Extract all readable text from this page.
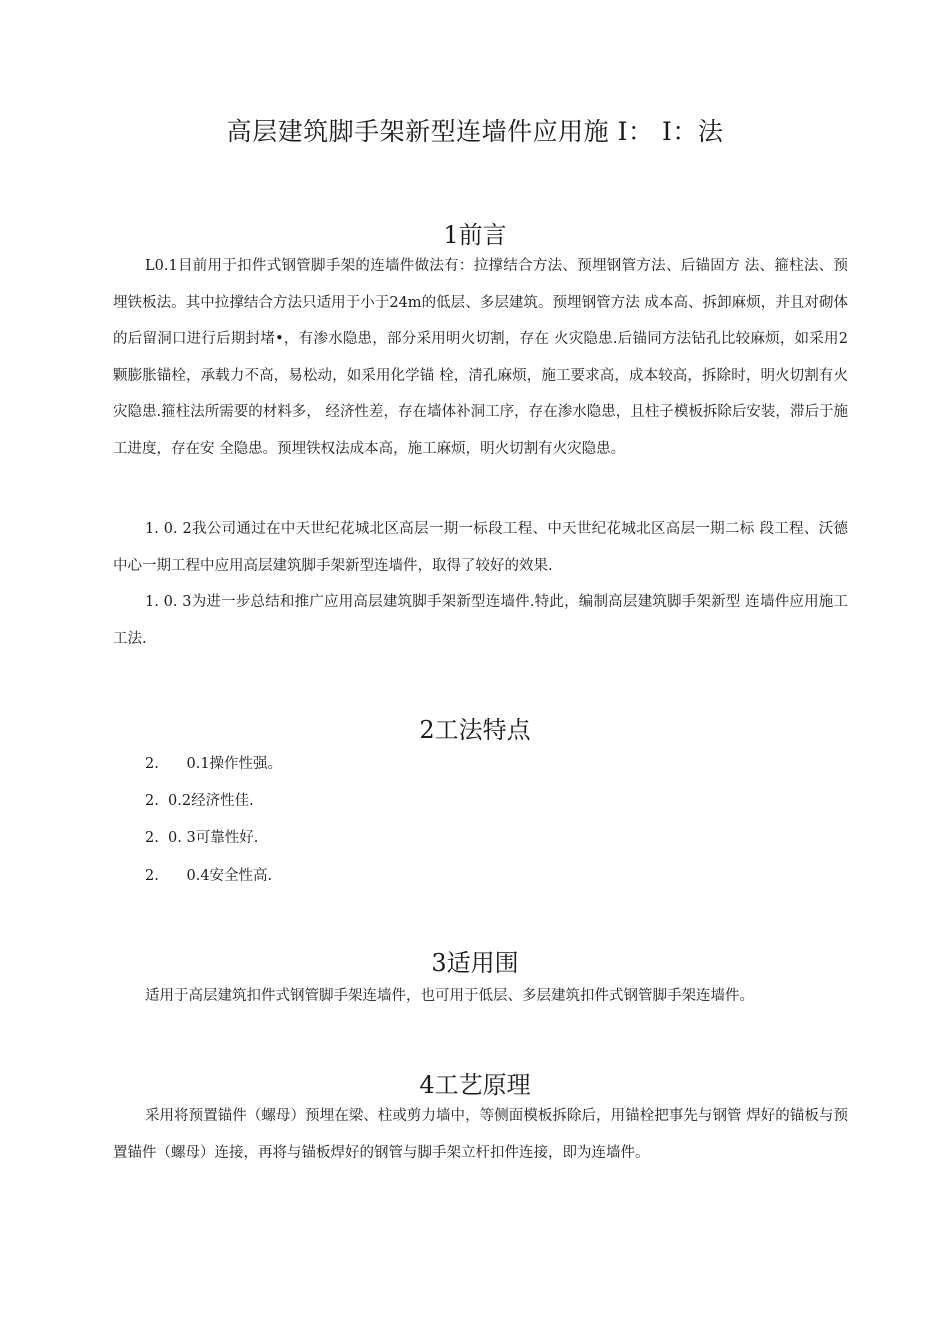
高层建筑脚手架新型连墙件应用施 I： I：法
1前言

L0.1目前用于扣件式钢管脚手架的连墙件做法有：拉撑结合方法、预埋钢管方法、后锚固方 法、箍柱法、预埋铁板法。其中拉撑结合方法只适用于小于24m的低层、多层建筑。预埋钢管方法 成本高、拆卸麻烦，并且对砌体的后留洞口进行后期封堵•，有渗水隐患，部分采用明火切割，存在 火灾隐患.后锚同方法钻孔比较麻烦，如采用2颗膨胀锚栓，承载力不高，易松动，如采用化学锚 栓，清孔麻烦，施工要求高，成本较高，拆除时，明火切割有火灾隐患.箍柱法所需要的材料多， 经济性差，存在墙体补洞工序，存在渗水隐患，且柱子模板拆除后安装，滞后于施工进度，存在安 全隐患。预埋铁权法成本高，施工麻烦，明火切割有火灾隐患。

1. 0. 2我公司通过在中天世纪花城北区高层一期一标段工程、中天世纪花城北区高层一期二标 段工程、沃德中心一期工程中应用高层建筑脚手架新型连墙件，取得了较好的效果.

1. 0. 3为进一步总结和推广应用高层建筑脚手架新型连墙件.特此，编制高层建筑脚手架新型 连墙件应用施工工法.

2工法特点

2.      0.1操作性强。

2.  0.2经济性佳.

2.  0. 3可靠性好.

2.      0.4安全性高.

3适用围

适用于高层建筑扣件式钢管脚手架连墙件，也可用于低层、多层建筑扣件式钢管脚手架连墙件。

4工艺原理

采用将预置锚件（螺母）预埋在梁、柱或剪力墙中，等侧面模板拆除后，用锚栓把事先与钢管 焊好的锚板与预置锚件（螺母）连接，再将与锚板焊好的钢管与脚手架立杆扣件连接，即为连墙件。
